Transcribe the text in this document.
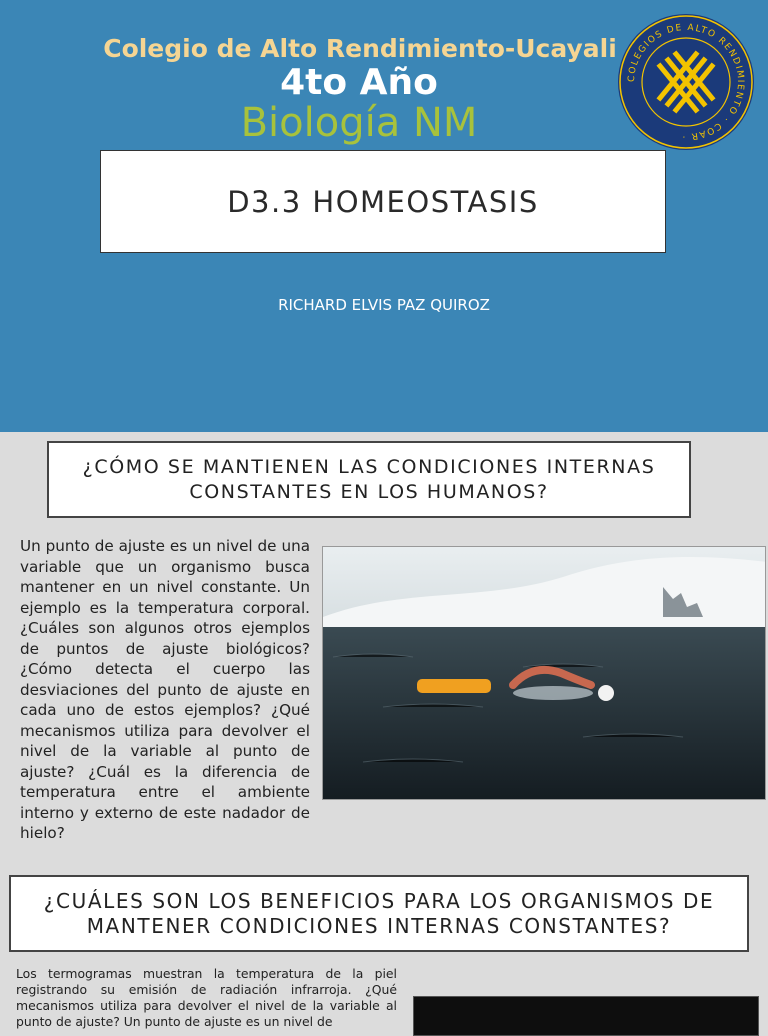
Colegio de Alto Rendimiento-Ucayali
4to Año
Biología NM
COLEGIOS DE ALTO RENDIMIENTO · COAR ·
D3.3 HOMEOSTASIS
RICHARD ELVIS PAZ QUIROZ
¿CÓMO SE MANTIENEN LAS CONDICIONES INTERNAS CONSTANTES EN LOS HUMANOS?
Un punto de ajuste es un nivel de una variable que un organismo busca mantener en un nivel constante. Un ejemplo es la temperatura corporal. ¿Cuáles son algunos otros ejemplos de puntos de ajuste biológicos? ¿Cómo detecta el cuerpo las desviaciones del punto de ajuste en cada uno de estos ejemplos? ¿Qué mecanismos utiliza para devolver el nivel de la variable al punto de ajuste? ¿Cuál es la diferencia de temperatura entre el ambiente interno y externo de este nadador de hielo?
¿CUÁLES SON LOS BENEFICIOS PARA LOS ORGANISMOS DE MANTENER CONDICIONES INTERNAS CONSTANTES?
Los termogramas muestran la temperatura de la piel registrando su emisión de radiación infrarroja. ¿Qué mecanismos utiliza para devolver el nivel de la variable al punto de ajuste? Un punto de ajuste es un nivel de
